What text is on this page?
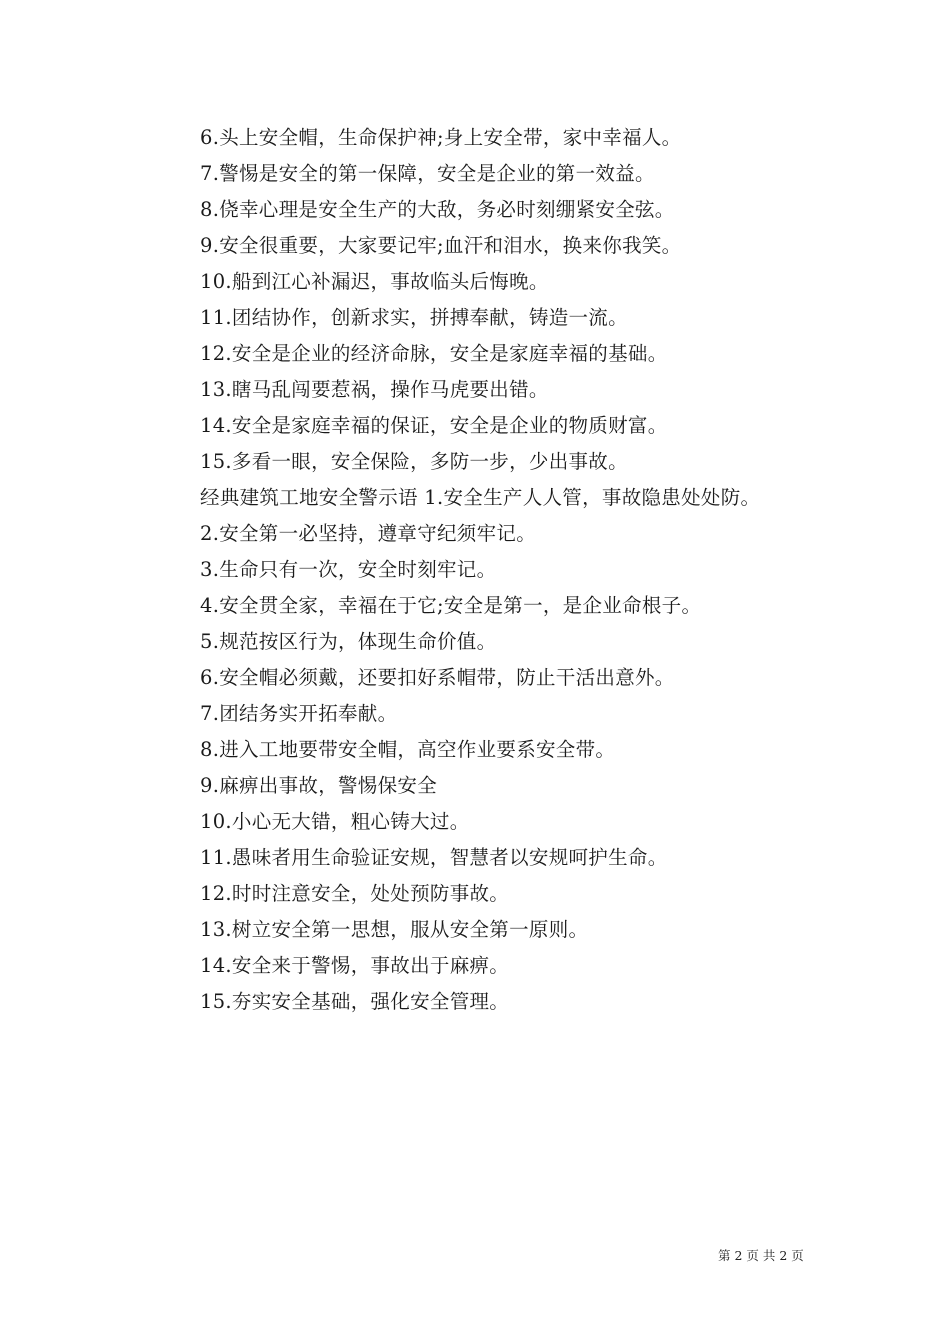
6.头上安全帽，生命保护神;身上安全带，家中幸福人。
7.警惕是安全的第一保障，安全是企业的第一效益。
8.侥幸心理是安全生产的大敌，务必时刻绷紧安全弦。
9.安全很重要，大家要记牢;血汗和泪水，换来你我笑。
10.船到江心补漏迟，事故临头后悔晚。
11.团结协作，创新求实，拼搏奉献，铸造一流。
12.安全是企业的经济命脉，安全是家庭幸福的基础。
13.瞎马乱闯要惹祸，操作马虎要出错。
14.安全是家庭幸福的保证，安全是企业的物质财富。
15.多看一眼，安全保险，多防一步，少出事故。

经典建筑工地安全警示语 1.安全生产人人管，事故隐患处处防。

2.安全第一必坚持，遵章守纪须牢记。
3.生命只有一次，安全时刻牢记。
4.安全贯全家，幸福在于它;安全是第一，是企业命根子。
5.规范按区行为，体现生命价值。
6.安全帽必须戴，还要扣好系帽带，防止干活出意外。
7.团结务实开拓奉献。
8.进入工地要带安全帽，高空作业要系安全带。
9.麻痹出事故，警惕保安全
10.小心无大错，粗心铸大过。
11.愚味者用生命验证安规，智慧者以安规呵护生命。
12.时时注意安全，处处预防事故。
13.树立安全第一思想，服从安全第一原则。
14.安全来于警惕，事故出于麻痹。
15.夯实安全基础，强化安全管理。
第 2 页 共 2 页
